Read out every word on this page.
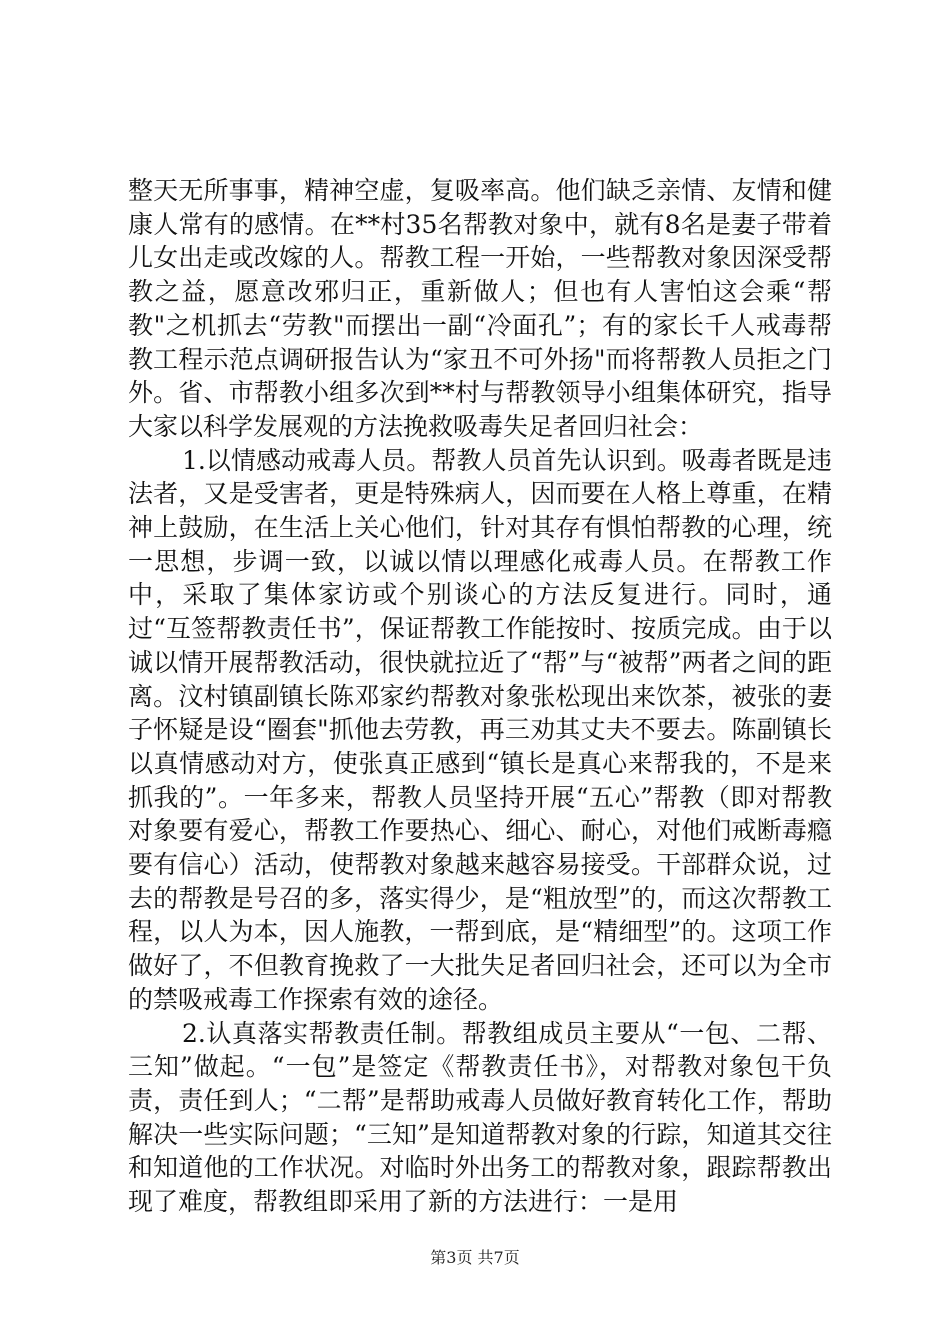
整天无所事事，精神空虚，复吸率高。他们缺乏亲情、友情和健康人常有的感情。在**村35名帮教对象中，就有8名是妻子带着儿女出走或改嫁的人。帮教工程一开始，一些帮教对象因深受帮教之益，愿意改邪归正，重新做人；但也有人害怕这会乘“帮教"之机抓去“劳教"而摆出一副“冷面孔”；有的家长千人戒毒帮教工程示范点调研报告认为“家丑不可外扬"而将帮教人员拒之门外。省、市帮教小组多次到**村与帮教领导小组集体研究，指导大家以科学发展观的方法挽救吸毒失足者回归社会：

1.以情感动戒毒人员。帮教人员首先认识到。吸毒者既是违法者，又是受害者，更是特殊病人，因而要在人格上尊重，在精神上鼓励，在生活上关心他们，针对其存有惧怕帮教的心理，统一思想，步调一致，以诚以情以理感化戒毒人员。在帮教工作中，采取了集体家访或个别谈心的方法反复进行。同时，通过“互签帮教责任书”，保证帮教工作能按时、按质完成。由于以诚以情开展帮教活动，很快就拉近了“帮”与“被帮”两者之间的距离。汶村镇副镇长陈邓家约帮教对象张松现出来饮茶，被张的妻子怀疑是设“圈套"抓他去劳教，再三劝其丈夫不要去。陈副镇长以真情感动对方，使张真正感到“镇长是真心来帮我的，不是来抓我的”。一年多来，帮教人员坚持开展“五心”帮教（即对帮教对象要有爱心，帮教工作要热心、细心、耐心，对他们戒断毒瘾要有信心）活动，使帮教对象越来越容易接受。干部群众说，过去的帮教是号召的多，落实得少，是“粗放型”的，而这次帮教工程，以人为本，因人施教，一帮到底，是“精细型”的。这项工作做好了，不但教育挽救了一大批失足者回归社会，还可以为全市的禁吸戒毒工作探索有效的途径。

2.认真落实帮教责任制。帮教组成员主要从“一包、二帮、三知”做起。“一包”是签定《帮教责任书》，对帮教对象包干负责，责任到人；“二帮”是帮助戒毒人员做好教育转化工作，帮助解决一些实际问题；“三知”是知道帮教对象的行踪，知道其交往和知道他的工作状况。对临时外出务工的帮教对象，跟踪帮教出现了难度，帮教组即采用了新的方法进行：一是用

第3页 共7页
